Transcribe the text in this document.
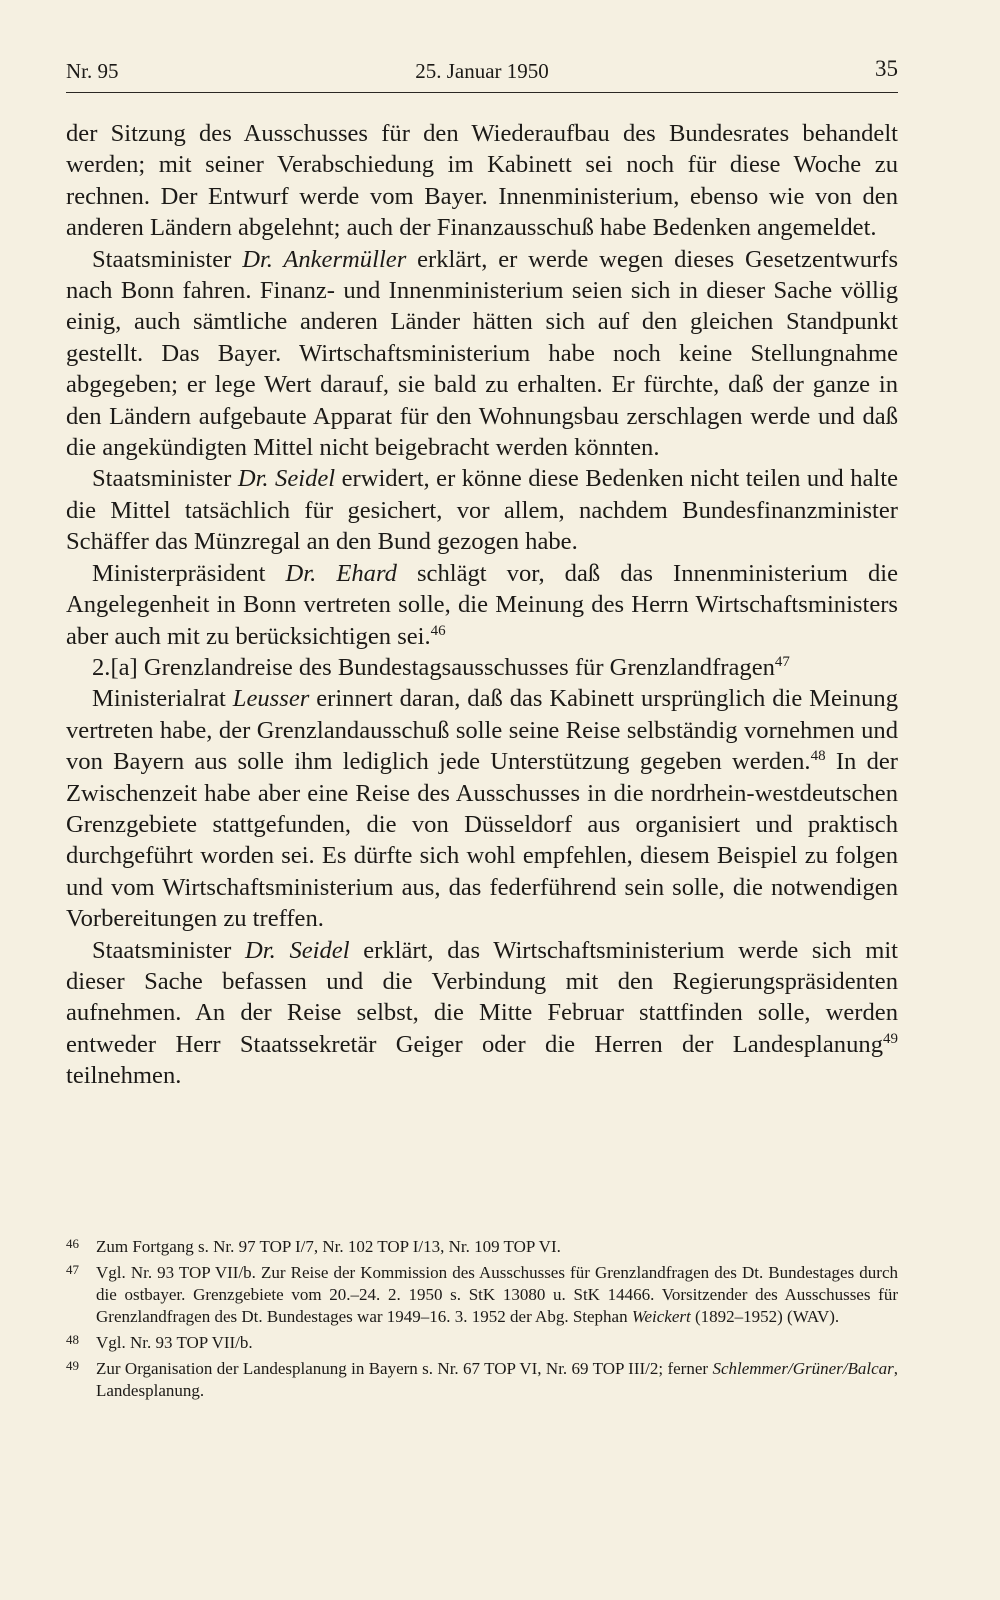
Nr. 95	25. Januar 1950	35

der Sitzung des Ausschusses für den Wiederaufbau des Bundesrates behandelt werden; mit seiner Verabschiedung im Kabinett sei noch für diese Woche zu rechnen. Der Entwurf werde vom Bayer. Innenministerium, ebenso wie von den anderen Ländern abgelehnt; auch der Finanzausschuß habe Bedenken angemeldet.

Staatsminister Dr. Ankermüller erklärt, er werde wegen dieses Gesetzentwurfs nach Bonn fahren. Finanz- und Innenministerium seien sich in dieser Sache völlig einig, auch sämtliche anderen Länder hätten sich auf den gleichen Standpunkt gestellt. Das Bayer. Wirtschaftsministerium habe noch keine Stellungnahme abgegeben; er lege Wert darauf, sie bald zu erhalten. Er fürchte, daß der ganze in den Ländern aufgebaute Apparat für den Wohnungsbau zerschlagen werde und daß die angekündigten Mittel nicht beigebracht werden könnten.

Staatsminister Dr. Seidel erwidert, er könne diese Bedenken nicht teilen und halte die Mittel tatsächlich für gesichert, vor allem, nachdem Bundesfinanzminister Schäffer das Münzregal an den Bund gezogen habe.

Ministerpräsident Dr. Ehard schlägt vor, daß das Innenministerium die Angelegenheit in Bonn vertreten solle, die Meinung des Herrn Wirtschaftsministers aber auch mit zu berücksichtigen sei.$^{46}$

2.[a] Grenzlandreise des Bundestagsausschusses für Grenzlandfragen$^{47}$

Ministerialrat Leusser erinnert daran, daß das Kabinett ursprünglich die Meinung vertreten habe, der Grenzlandausschuß solle seine Reise selbständig vornehmen und von Bayern aus solle ihm lediglich jede Unterstützung gegeben werden.$^{48}$ In der Zwischenzeit habe aber eine Reise des Ausschusses in die nordrhein-westdeutschen Grenzgebiete stattgefunden, die von Düsseldorf aus organisiert und praktisch durchgeführt worden sei. Es dürfte sich wohl empfehlen, diesem Beispiel zu folgen und vom Wirtschaftsministerium aus, das federführend sein solle, die notwendigen Vorbereitungen zu treffen.

Staatsminister Dr. Seidel erklärt, das Wirtschaftsministerium werde sich mit dieser Sache befassen und die Verbindung mit den Regierungspräsidenten aufnehmen. An der Reise selbst, die Mitte Februar stattfinden solle, werden entweder Herr Staatssekretär Geiger oder die Herren der Landesplanung$^{49}$ teilnehmen.

46 Zum Fortgang s. Nr. 97 TOP I/7, Nr. 102 TOP I/13, Nr. 109 TOP VI.
47 Vgl. Nr. 93 TOP VII/b. Zur Reise der Kommission des Ausschusses für Grenzlandfragen des Dt. Bundestages durch die ostbayer. Grenzgebiete vom 20.–24. 2. 1950 s. StK 13080 u. StK 14466. Vorsitzender des Ausschusses für Grenzlandfragen des Dt. Bundestages war 1949–16. 3. 1952 der Abg. Stephan Weickert (1892–1952) (WAV).
48 Vgl. Nr. 93 TOP VII/b.
49 Zur Organisation der Landesplanung in Bayern s. Nr. 67 TOP VI, Nr. 69 TOP III/2; ferner Schlemmer/Grüner/Balcar, Landesplanung.
